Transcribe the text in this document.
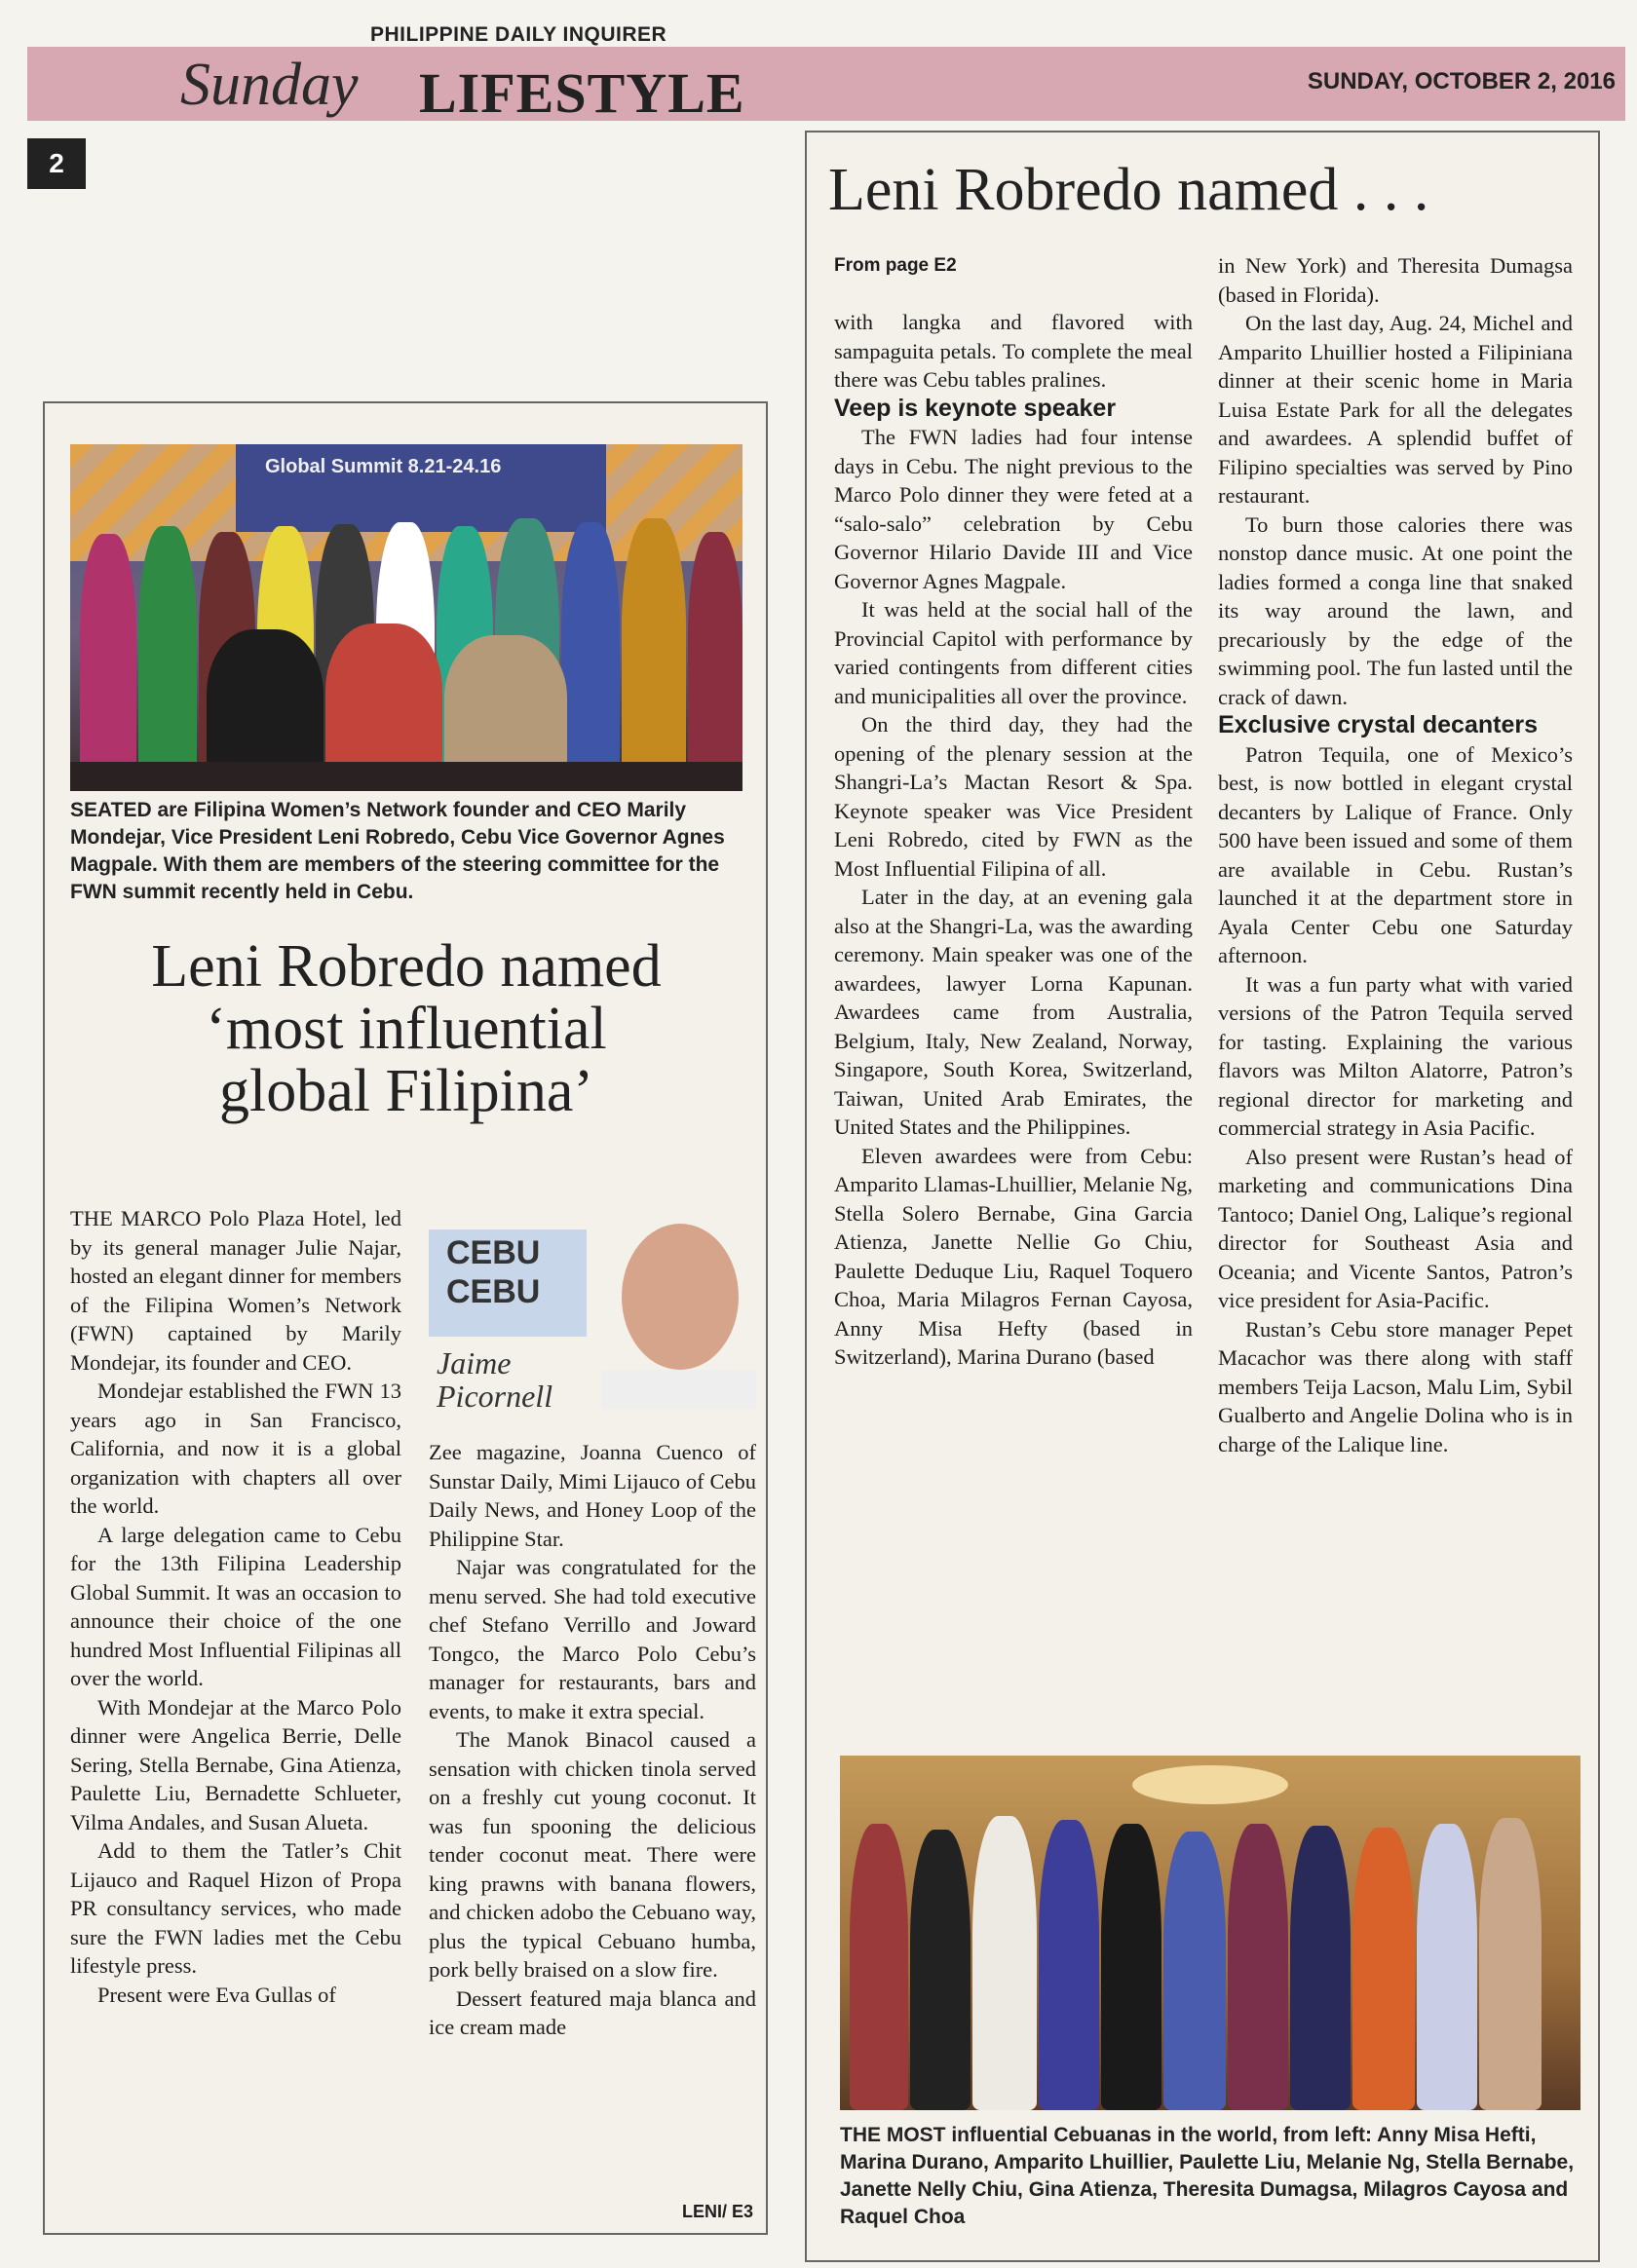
PHILIPPINE DAILY INQUIRER
Sunday LIFESTYLE	SUNDAY, OCTOBER 2, 2016
2
Global Summit 8.21-24.16
SEATED are Filipina Women’s Network founder and CEO Marily Mondejar, Vice President Leni Robredo, Cebu Vice Governor Agnes Magpale. With them are members of the steering committee for the FWN summit recently held in Cebu.
Leni Robredo named
‘most influential
global Filipina’
CEBU
CEBU
Jaime
Picornell

THE MARCO Polo Plaza Hotel, led by its general manager Julie Najar, hosted an elegant dinner for members of the Filipina Women’s Network (FWN) captained by Marily Mondejar, its founder and CEO.

Mondejar established the FWN 13 years ago in San Francisco, California, and now it is a global organization with chapters all over the world.

A large delegation came to Cebu for the 13th Filipina Leadership Global Summit. It was an occasion to announce their choice of the one hundred Most Influential Filipinas all over the world.

With Mondejar at the Marco Polo dinner were Angelica Berrie, Delle Sering, Stella Bernabe, Gina Atienza, Paulette Liu, Bernadette Schlueter, Vilma Andales, and Susan Alueta.

Add to them the Tatler’s Chit Lijauco and Raquel Hizon of Propa PR consultancy services, who made sure the FWN ladies met the Cebu lifestyle press.

Present were Eva Gullas of

Zee magazine, Joanna Cuenco of Sunstar Daily, Mimi Lijauco of Cebu Daily News, and Honey Loop of the Philippine Star.

Najar was congratulated for the menu served. She had told executive chef Stefano Verrillo and Joward Tongco, the Marco Polo Cebu’s manager for restaurants, bars and events, to make it extra special.

The Manok Binacol caused a sensation with chicken tinola served on a freshly cut young coconut. It was fun spooning the delicious tender coconut meat. There were king prawns with banana flowers, and chicken adobo the Cebuano way, plus the typical Cebuano humba, pork belly braised on a slow fire.

Dessert featured maja blanca and ice cream made

LENI/ E3
Leni Robredo named . . .
From page E2

with langka and flavored with sampaguita petals. To complete the meal there was Cebu tables pralines.

Veep is keynote speaker

The FWN ladies had four intense days in Cebu. The night previous to the Marco Polo dinner they were feted at a “salo-salo” celebration by Cebu Governor Hilario Davide III and Vice Governor Agnes Magpale.

It was held at the social hall of the Provincial Capitol with performance by varied contingents from different cities and municipalities all over the province.

On the third day, they had the opening of the plenary session at the Shangri-La’s Mactan Resort & Spa. Keynote speaker was Vice President Leni Robredo, cited by FWN as the Most Influential Filipina of all.

Later in the day, at an evening gala also at the Shangri-La, was the awarding ceremony. Main speaker was one of the awardees, lawyer Lorna Kapunan. Awardees came from Australia, Belgium, Italy, New Zealand, Norway, Singapore, South Korea, Switzerland, Taiwan, United Arab Emirates, the United States and the Philippines.

Eleven awardees were from Cebu: Amparito Llamas-Lhuillier, Melanie Ng, Stella Solero Bernabe, Gina Garcia Atienza, Janette Nellie Go Chiu, Paulette Deduque Liu, Raquel Toquero Choa, Maria Milagros Fernan Cayosa, Anny Misa Hefty (based in Switzerland), Marina Durano (based

in New York) and Theresita Dumagsa (based in Florida).

On the last day, Aug. 24, Michel and Amparito Lhuillier hosted a Filipiniana dinner at their scenic home in Maria Luisa Estate Park for all the delegates and awardees. A splendid buffet of Filipino specialties was served by Pino restaurant.

To burn those calories there was nonstop dance music. At one point the ladies formed a conga line that snaked its way around the lawn, and precariously by the edge of the swimming pool. The fun lasted until the crack of dawn.

Exclusive crystal decanters

Patron Tequila, one of Mexico’s best, is now bottled in elegant crystal decanters by Lalique of France. Only 500 have been issued and some of them are available in Cebu. Rustan’s launched it at the department store in Ayala Center Cebu one Saturday afternoon.

It was a fun party what with varied versions of the Patron Tequila served for tasting. Explaining the various flavors was Milton Alatorre, Patron’s regional director for marketing and commercial strategy in Asia Pacific.

Also present were Rustan’s head of marketing and communications Dina Tantoco; Daniel Ong, Lalique’s regional director for Southeast Asia and Oceania; and Vicente Santos, Patron’s vice president for Asia-Pacific.

Rustan’s Cebu store manager Pepet Macachor was there along with staff members Teija Lacson, Malu Lim, Sybil Gualberto and Angelie Dolina who is in charge of the Lalique line.

THE MOST influential Cebuanas in the world, from left: Anny Misa Hefti, Marina Durano, Amparito Lhuillier, Paulette Liu, Melanie Ng, Stella Bernabe, Janette Nelly Chiu, Gina Atienza, Theresita Dumagsa, Milagros Cayosa and Raquel Choa
